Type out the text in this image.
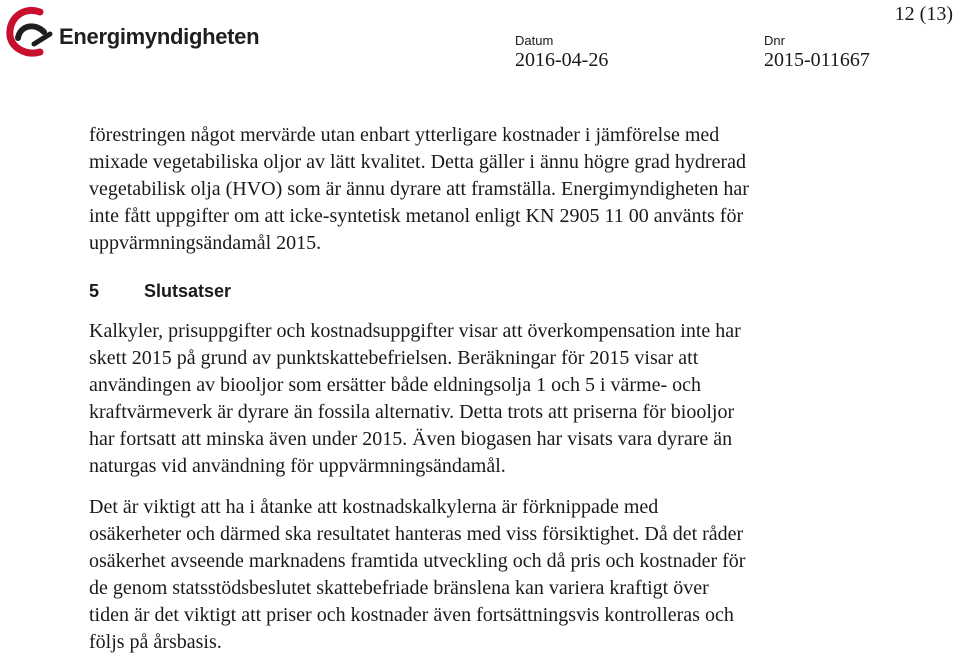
Energimyndigheten	Datum
2016-04-26
Dnr
2015-011667
12 (13)

förestringen något mervärde utan enbart ytterligare kostnader i jämförelse med
mixade vegetabiliska oljor av lätt kvalitet. Detta gäller i ännu högre grad hydrerad
vegetabilisk olja (HVO) som är ännu dyrare att framställa. Energimyndigheten har
inte fått uppgifter om att icke-syntetisk metanol enligt KN 2905 11 00 använts för
uppvärmningsändamål 2015.

5	Slutsatser

Kalkyler, prisuppgifter och kostnadsuppgifter visar att överkompensation inte har
skett 2015 på grund av punktskattebefrielsen. Beräkningar för 2015 visar att
användingen av biooljor som ersätter både eldningsolja 1 och 5 i värme- och
kraftvärmeverk är dyrare än fossila alternativ. Detta trots att priserna för biooljor
har fortsatt att minska även under 2015. Även biogasen har visats vara dyrare än
naturgas vid användning för uppvärmningsändamål.

Det är viktigt att ha i åtanke att kostnadskalkylerna är förknippade med
osäkerheter och därmed ska resultatet hanteras med viss försiktighet. Då det råder
osäkerhet avseende marknadens framtida utveckling och då pris och kostnader för
de genom statsstödsbeslutet skattebefriade bränslena kan variera kraftigt över
tiden är det viktigt att priser och kostnader även fortsättningsvis kontrolleras och
följs på årsbasis.
